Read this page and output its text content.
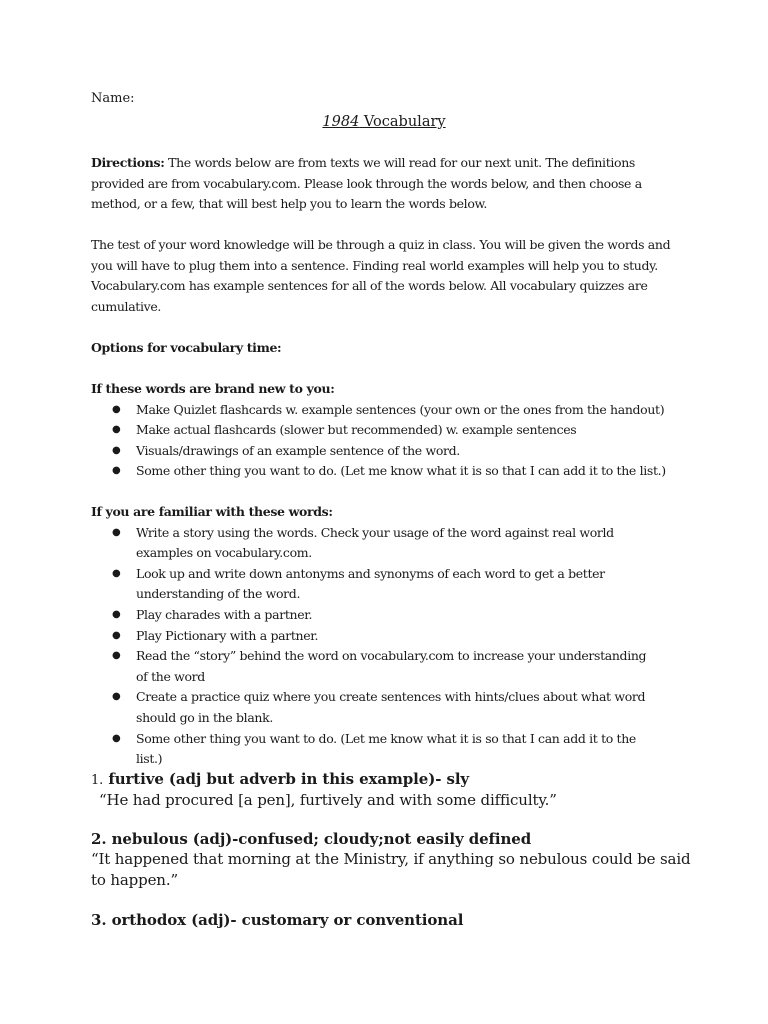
Name:
1984 Vocabulary
Directions: The words below are from texts we will read for our next unit. The definitions provided are from vocabulary.com. Please look through the words below, and then choose a method, or a few, that will best help you to learn the words below.
The test of your word knowledge will be through a quiz in class. You will be given the words and you will have to plug them into a sentence. Finding real world examples will help you to study. Vocabulary.com has example sentences for all of the words below. All vocabulary quizzes are cumulative.
Options for vocabulary time:
If these words are brand new to you:
● Make Quizlet flashcards w. example sentences (your own or the ones from the handout)
● Make actual flashcards (slower but recommended) w. example sentences
● Visuals/drawings of an example sentence of the word.
● Some other thing you want to do. (Let me know what it is so that I can add it to the list.)
If you are familiar with these words:
● Write a story using the words. Check your usage of the word against real world examples on vocabulary.com.
● Look up and write down antonyms and synonyms of each word to get a better understanding of the word.
● Play charades with a partner.
● Play Pictionary with a partner.
● Read the “story” behind the word on vocabulary.com to increase your understanding of the word
● Create a practice quiz where you create sentences with hints/clues about what word should go in the blank.
● Some other thing you want to do. (Let me know what it is so that I can add it to the list.)
1. furtive (adj but adverb in this example)- sly
“He had procured [a pen], furtively and with some difficulty.”
2. nebulous (adj)-confused; cloudy;not easily defined
“It happened that morning at the Ministry, if anything so nebulous could be said to happen.”
3. orthodox (adj)- customary or conventional
